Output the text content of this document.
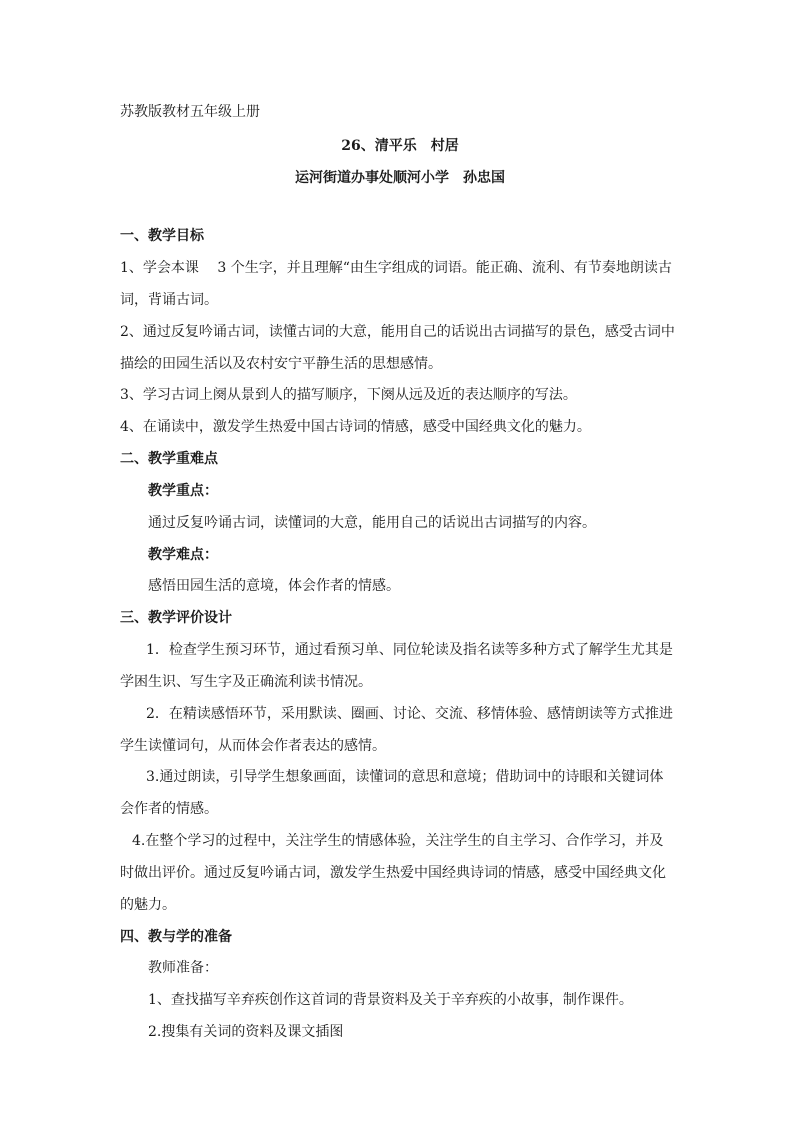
苏教版教材五年级上册
26、清平乐　村居
运河街道办事处顺河小学　孙忠国
一、教学目标
1、学会本课　 3 个生字，并且理解“由生字组成的词语。能正确、流利、有节奏地朗读古
词，背诵古词。
2、通过反复吟诵古词，读懂古词的大意，能用自己的话说出古词描写的景色，感受古词中
描绘的田园生活以及农村安宁平静生活的思想感情。
3、学习古词上阕从景到人的描写顺序，下阕从远及近的表达顺序的写法。
4、在诵读中，激发学生热爱中国古诗词的情感，感受中国经典文化的魅力。
二、教学重难点
教学重点：
通过反复吟诵古词，读懂词的大意，能用自己的话说出古词描写的内容。
教学难点：
感悟田园生活的意境，体会作者的情感。
三、教学评价设计
1．检查学生预习环节，通过看预习单、同位轮读及指名读等多种方式了解学生尤其是
学困生识、写生字及正确流利读书情况。
2．在精读感悟环节，采用默读、圈画、讨论、交流、移情体验、感情朗读等方式推进
学生读懂词句，从而体会作者表达的感情。
3.通过朗读，引导学生想象画面，读懂词的意思和意境；借助词中的诗眼和关键词体
会作者的情感。
4.在整个学习的过程中，关注学生的情感体验，关注学生的自主学习、合作学习，并及
时做出评价。通过反复吟诵古词，激发学生热爱中国经典诗词的情感，感受中国经典文化
的魅力。
四、教与学的准备
教师准备：
1、查找描写辛弃疾创作这首词的背景资料及关于辛弃疾的小故事，制作课件。
2.搜集有关词的资料及课文插图
